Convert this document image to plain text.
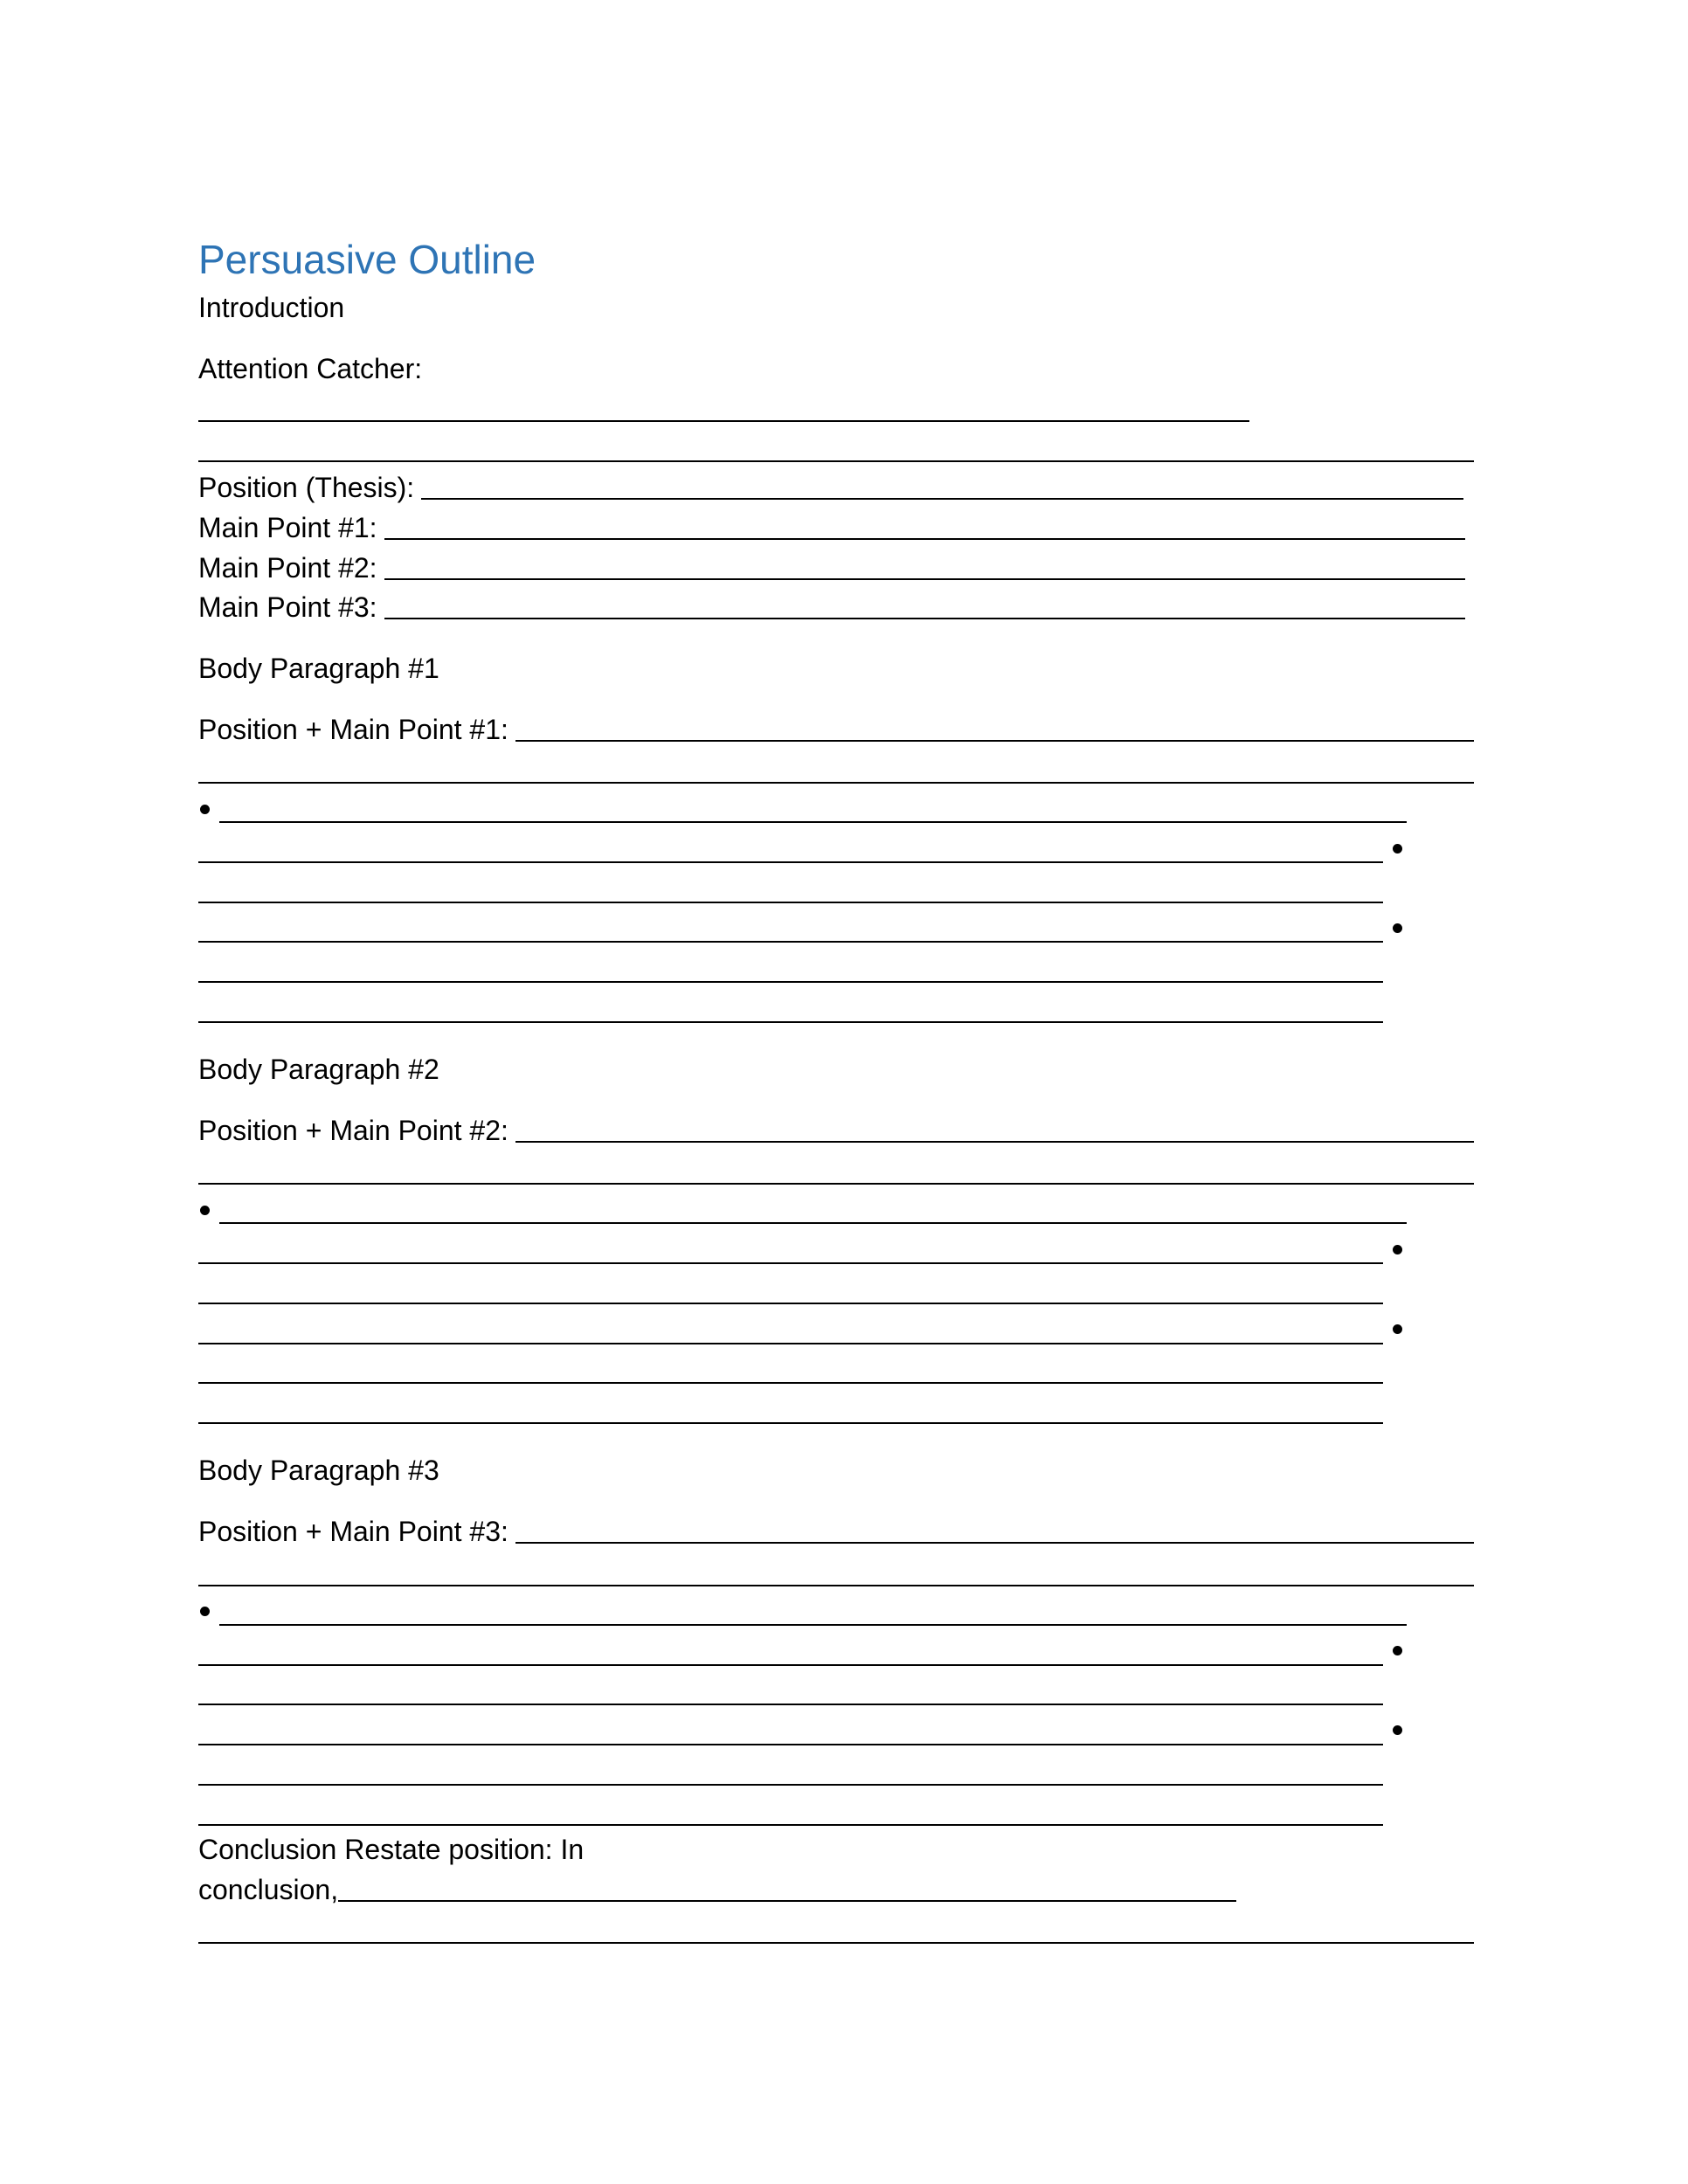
Persuasive Outline
Introduction
Attention Catcher:
Position (Thesis):
Main Point #1:
Main Point #2:
Main Point #3:
Body Paragraph #1
Position + Main Point #1:
Body Paragraph #2
Position + Main Point #2:
Body Paragraph #3
Position + Main Point #3:
Conclusion Restate position: In
conclusion,
